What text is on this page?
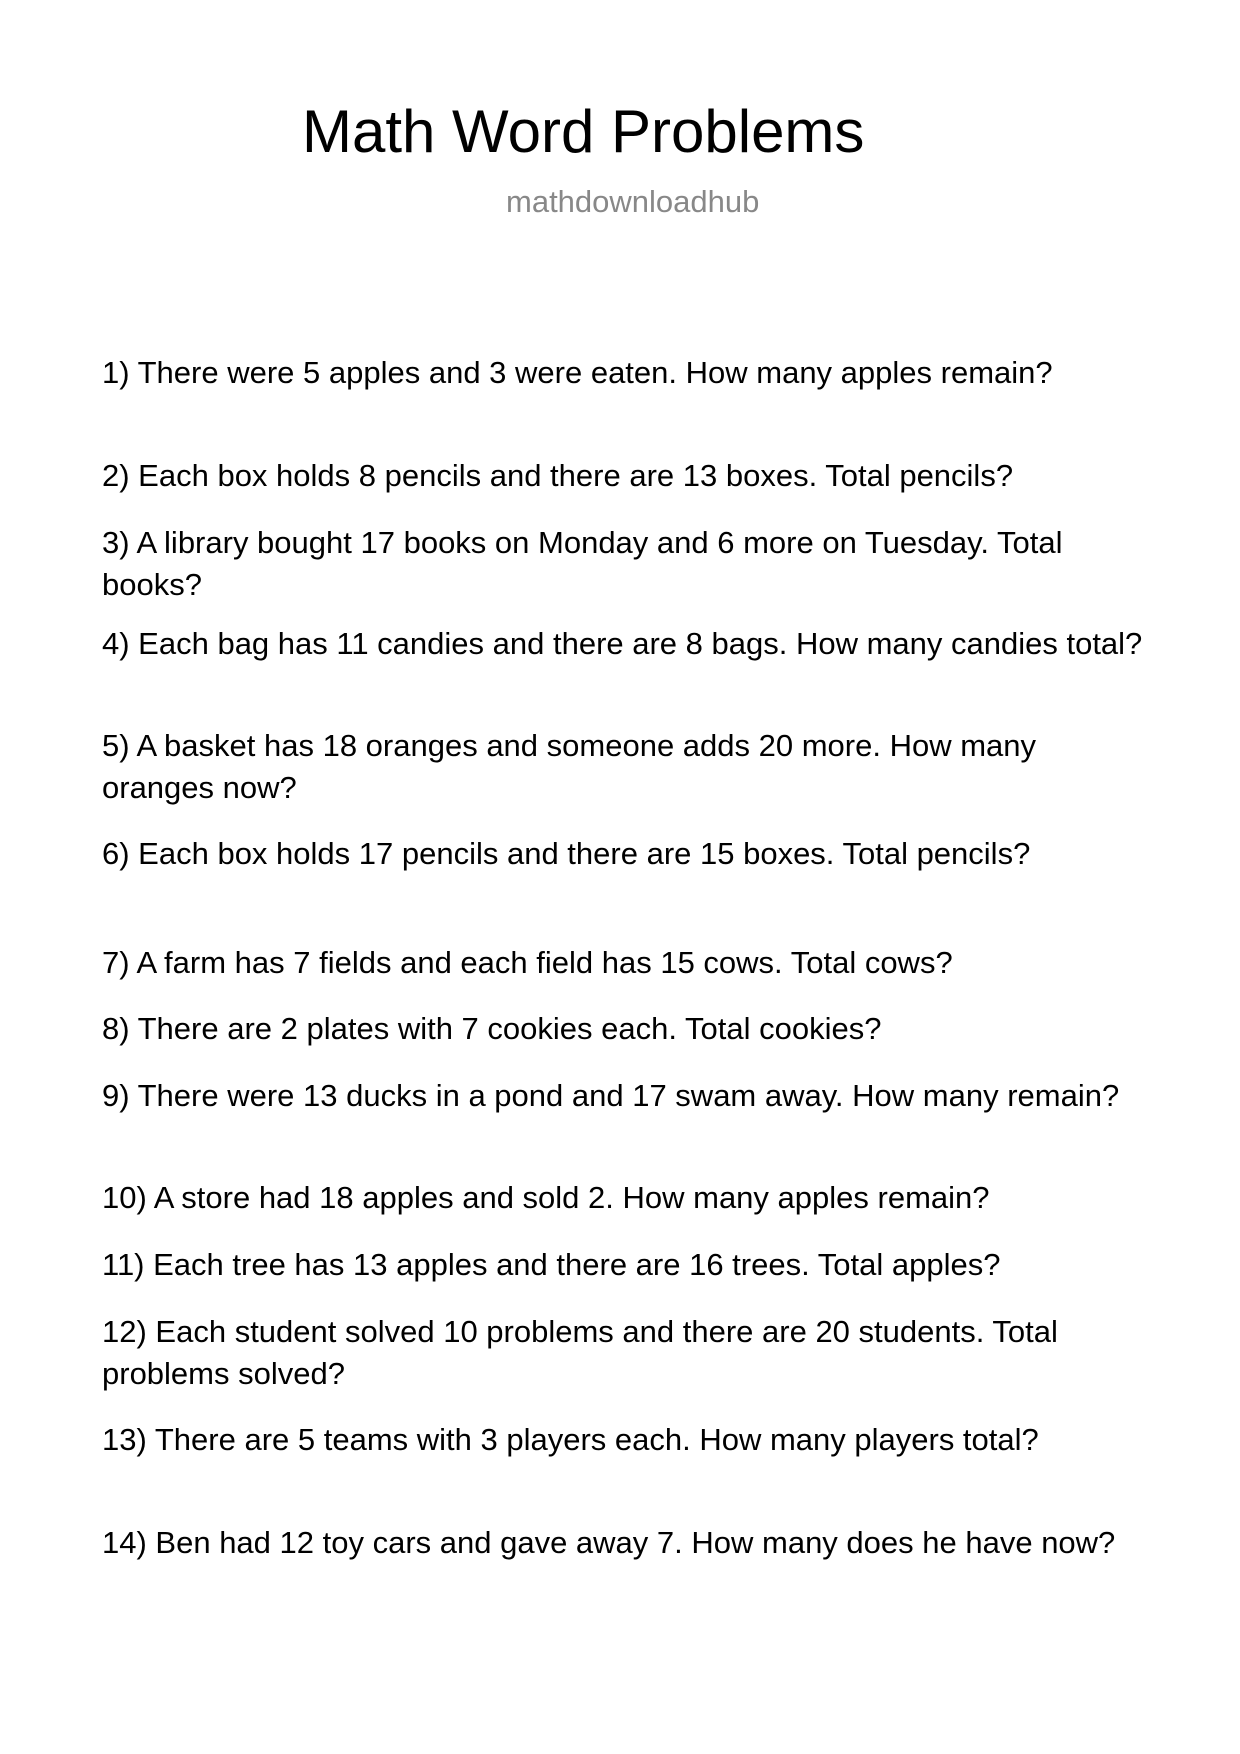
Math Word Problems
mathdownloadhub

1) There were 5 apples and 3 were eaten. How many apples remain?

2) Each box holds 8 pencils and there are 13 boxes. Total pencils?

3) A library bought 17 books on Monday and 6 more on Tuesday. Total books?

4) Each bag has 11 candies and there are 8 bags. How many candies total?

5) A basket has 18 oranges and someone adds 20 more. How many oranges now?

6) Each box holds 17 pencils and there are 15 boxes. Total pencils?

7) A farm has 7 fields and each field has 15 cows. Total cows?

8) There are 2 plates with 7 cookies each. Total cookies?

9) There were 13 ducks in a pond and 17 swam away. How many remain?

10) A store had 18 apples and sold 2. How many apples remain?

11) Each tree has 13 apples and there are 16 trees. Total apples?

12) Each student solved 10 problems and there are 20 students. Total problems solved?

13) There are 5 teams with 3 players each. How many players total?

14) Ben had 12 toy cars and gave away 7. How many does he have now?
